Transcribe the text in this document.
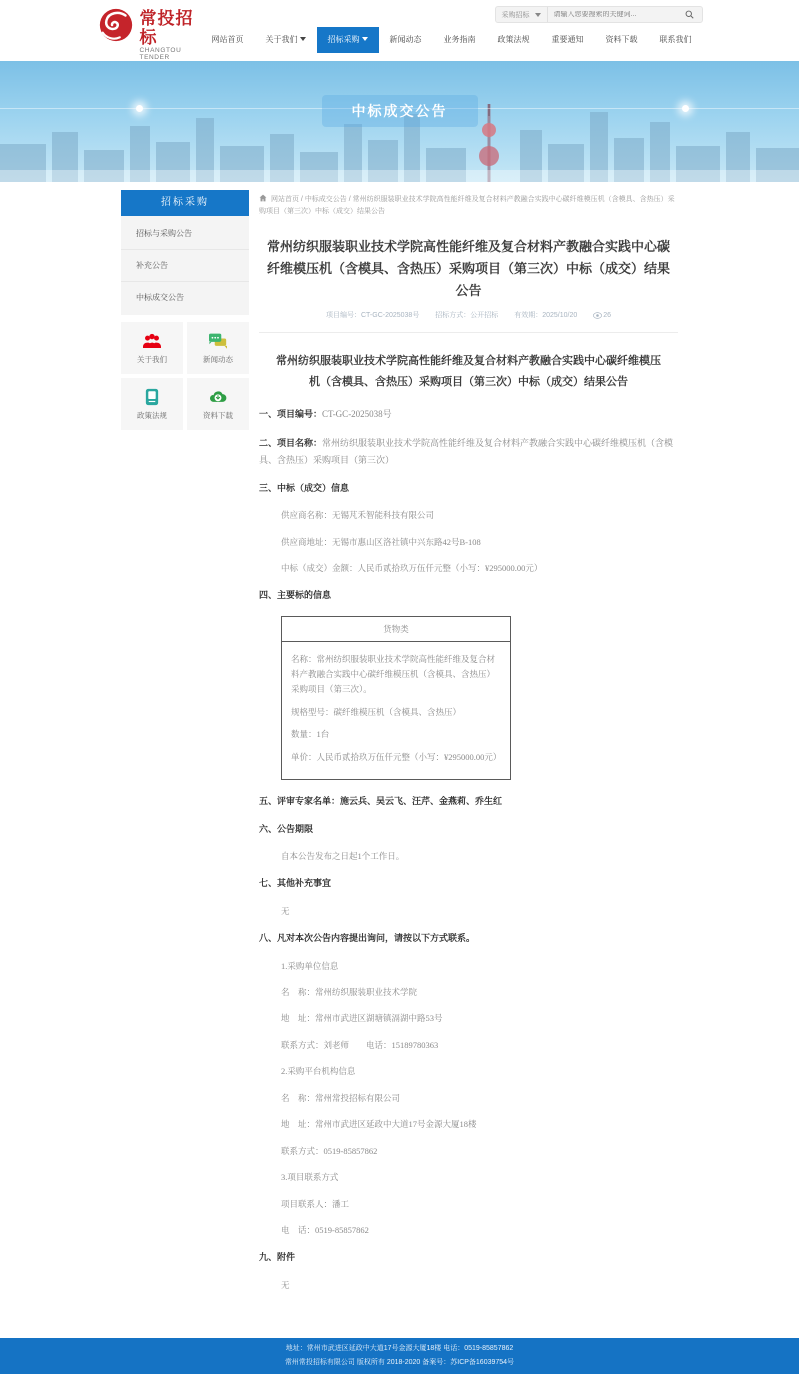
常投招标
CHANGTOU TENDER
采购招标
请输入您要搜索的关键词...
网站首页	关于我们	招标采购	新闻动态	业务指南	政策法规	重要通知	资料下载	联系我们
中标成交公告
招标采购
招标与采购公告
补充公告
中标成交公告
关于我们	新闻动态
政策法规	资料下载
网站首页 / 中标成交公告 / 常州纺织服装职业技术学院高性能纤维及复合材料产教融合实践中心碳纤维模压机（含模具、含热压）采购项目（第三次）中标（成交）结果公告
常州纺织服装职业技术学院高性能纤维及复合材料产教融合实践中心碳纤维模压机（含模具、含热压）采购项目（第三次）中标（成交）结果公告
项目编号：CT-GC-2025038号 招标方式：公开招标 有效期：2025/10/20	26
常州纺织服装职业技术学院高性能纤维及复合材料产教融合实践中心碳纤维模压机（含模具、含热压）采购项目（第三次）中标（成交）结果公告

一、项目编号：CT-GC-2025038号

二、项目名称：常州纺织服装职业技术学院高性能纤维及复合材料产教融合实践中心碳纤维模压机（含模具、含热压）采购项目（第三次）

三、中标（成交）信息

供应商名称：无锡芃禾智能科技有限公司

供应商地址：无锡市惠山区洛社镇中兴东路42号B-108

中标（成交）金额：人民币贰拾玖万伍仟元整（小写：¥295000.00元）

四、主要标的信息
货物类

名称：常州纺织服装职业技术学院高性能纤维及复合材料产教融合实践中心碳纤维模压机（含模具、含热压）采购项目（第三次）。

规格型号：碳纤维模压机（含模具、含热压）

数量：1台

单价：人民币贰拾玖万伍仟元整（小写：¥295000.00元）

五、评审专家名单：施云兵、吴云飞、汪芹、金燕莉、乔生红
六、公告期限

自本公告发布之日起1个工作日。

七、其他补充事宜

无

八、凡对本次公告内容提出询问，请按以下方式联系。

1.采购单位信息

名　称：常州纺织服装职业技术学院

地　址：常州市武进区湖塘镇滆湖中路53号

联系方式：刘老师　　电话：15189780363

2.采购平台机构信息

名　称：常州常投招标有限公司

地　址：常州市武进区延政中大道17号金源大厦18楼

联系方式：0519-85857862

3.项目联系方式

项目联系人：潘工

电　话：0519-85857862

九、附件

无

地址：常州市武进区延政中大道17号金源大厦18楼 电话：0519-85857862
常州常投招标有限公司 版权所有 2018-2020 备案号：苏ICP备16039754号
